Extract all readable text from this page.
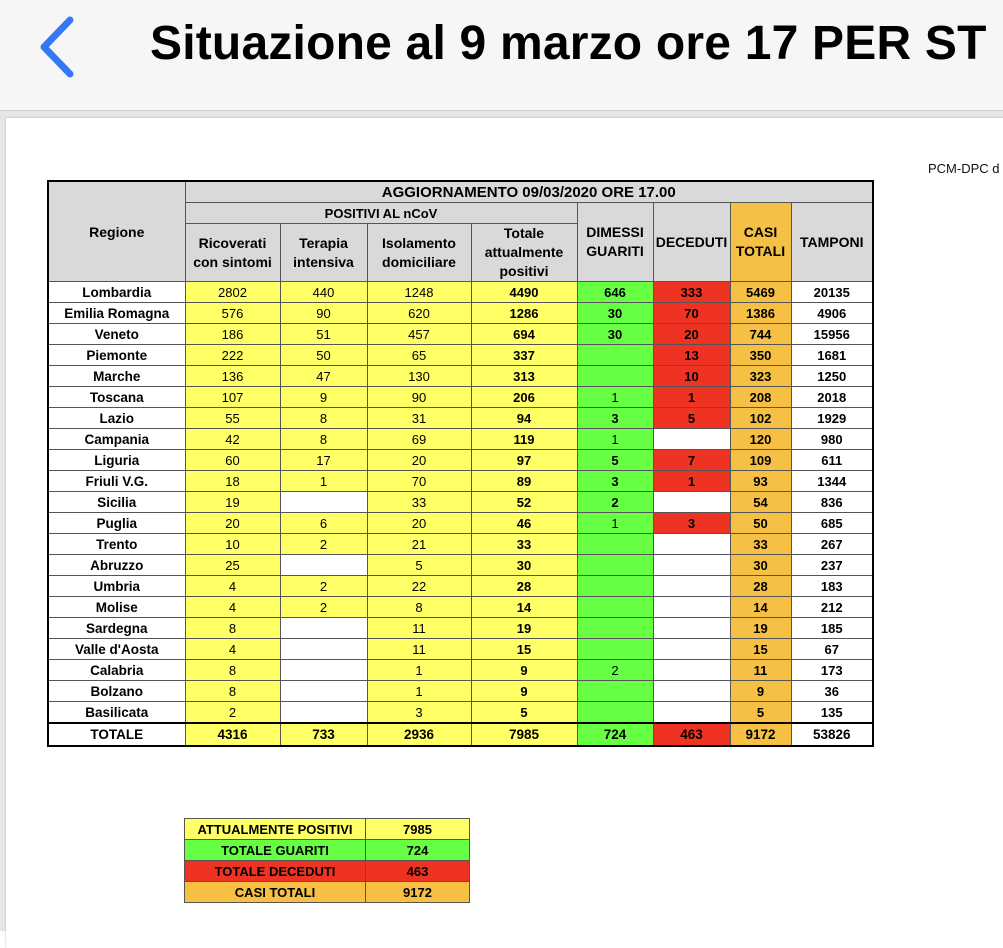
Situazione al 9 marzo ore 17 PER ST
PCM-DPC d
Regione	AGGIORNAMENTO 09/03/2020 ORE 17.00							
	POSITIVI AL nCoV				DIMESSI GUARITI	DECEDUTI	CASI TOTALI	TAMPONI
	Ricoverati con sintomi	Terapia intensiva	Isolamento domiciliare	Totale attualmente positivi				
Lombardia	2802	440	1248	4490	646	333	5469	20135
Emilia Romagna	576	90	620	1286	30	70	1386	4906
Veneto	186	51	457	694	30	20	744	15956
Piemonte	222	50	65	337		13	350	1681
Marche	136	47	130	313		10	323	1250
Toscana	107	9	90	206	1	1	208	2018
Lazio	55	8	31	94	3	5	102	1929
Campania	42	8	69	119	1		120	980
Liguria	60	17	20	97	5	7	109	611
Friuli V.G.	18	1	70	89	3	1	93	1344
Sicilia	19		33	52	2		54	836
Puglia	20	6	20	46	1	3	50	685
Trento	10	2	21	33			33	267
Abruzzo	25		5	30			30	237
Umbria	4	2	22	28			28	183
Molise	4	2	8	14			14	212
Sardegna	8		11	19			19	185
Valle d'Aosta	4		11	15			15	67
Calabria	8		1	9	2		11	173
Bolzano	8		1	9			9	36
Basilicata	2		3	5			5	135
TOTALE	4316	733	2936	7985	724	463	9172	53826
ATTUALMENTE POSITIVI	7985
TOTALE GUARITI	724
TOTALE DECEDUTI	463
CASI TOTALI	9172
